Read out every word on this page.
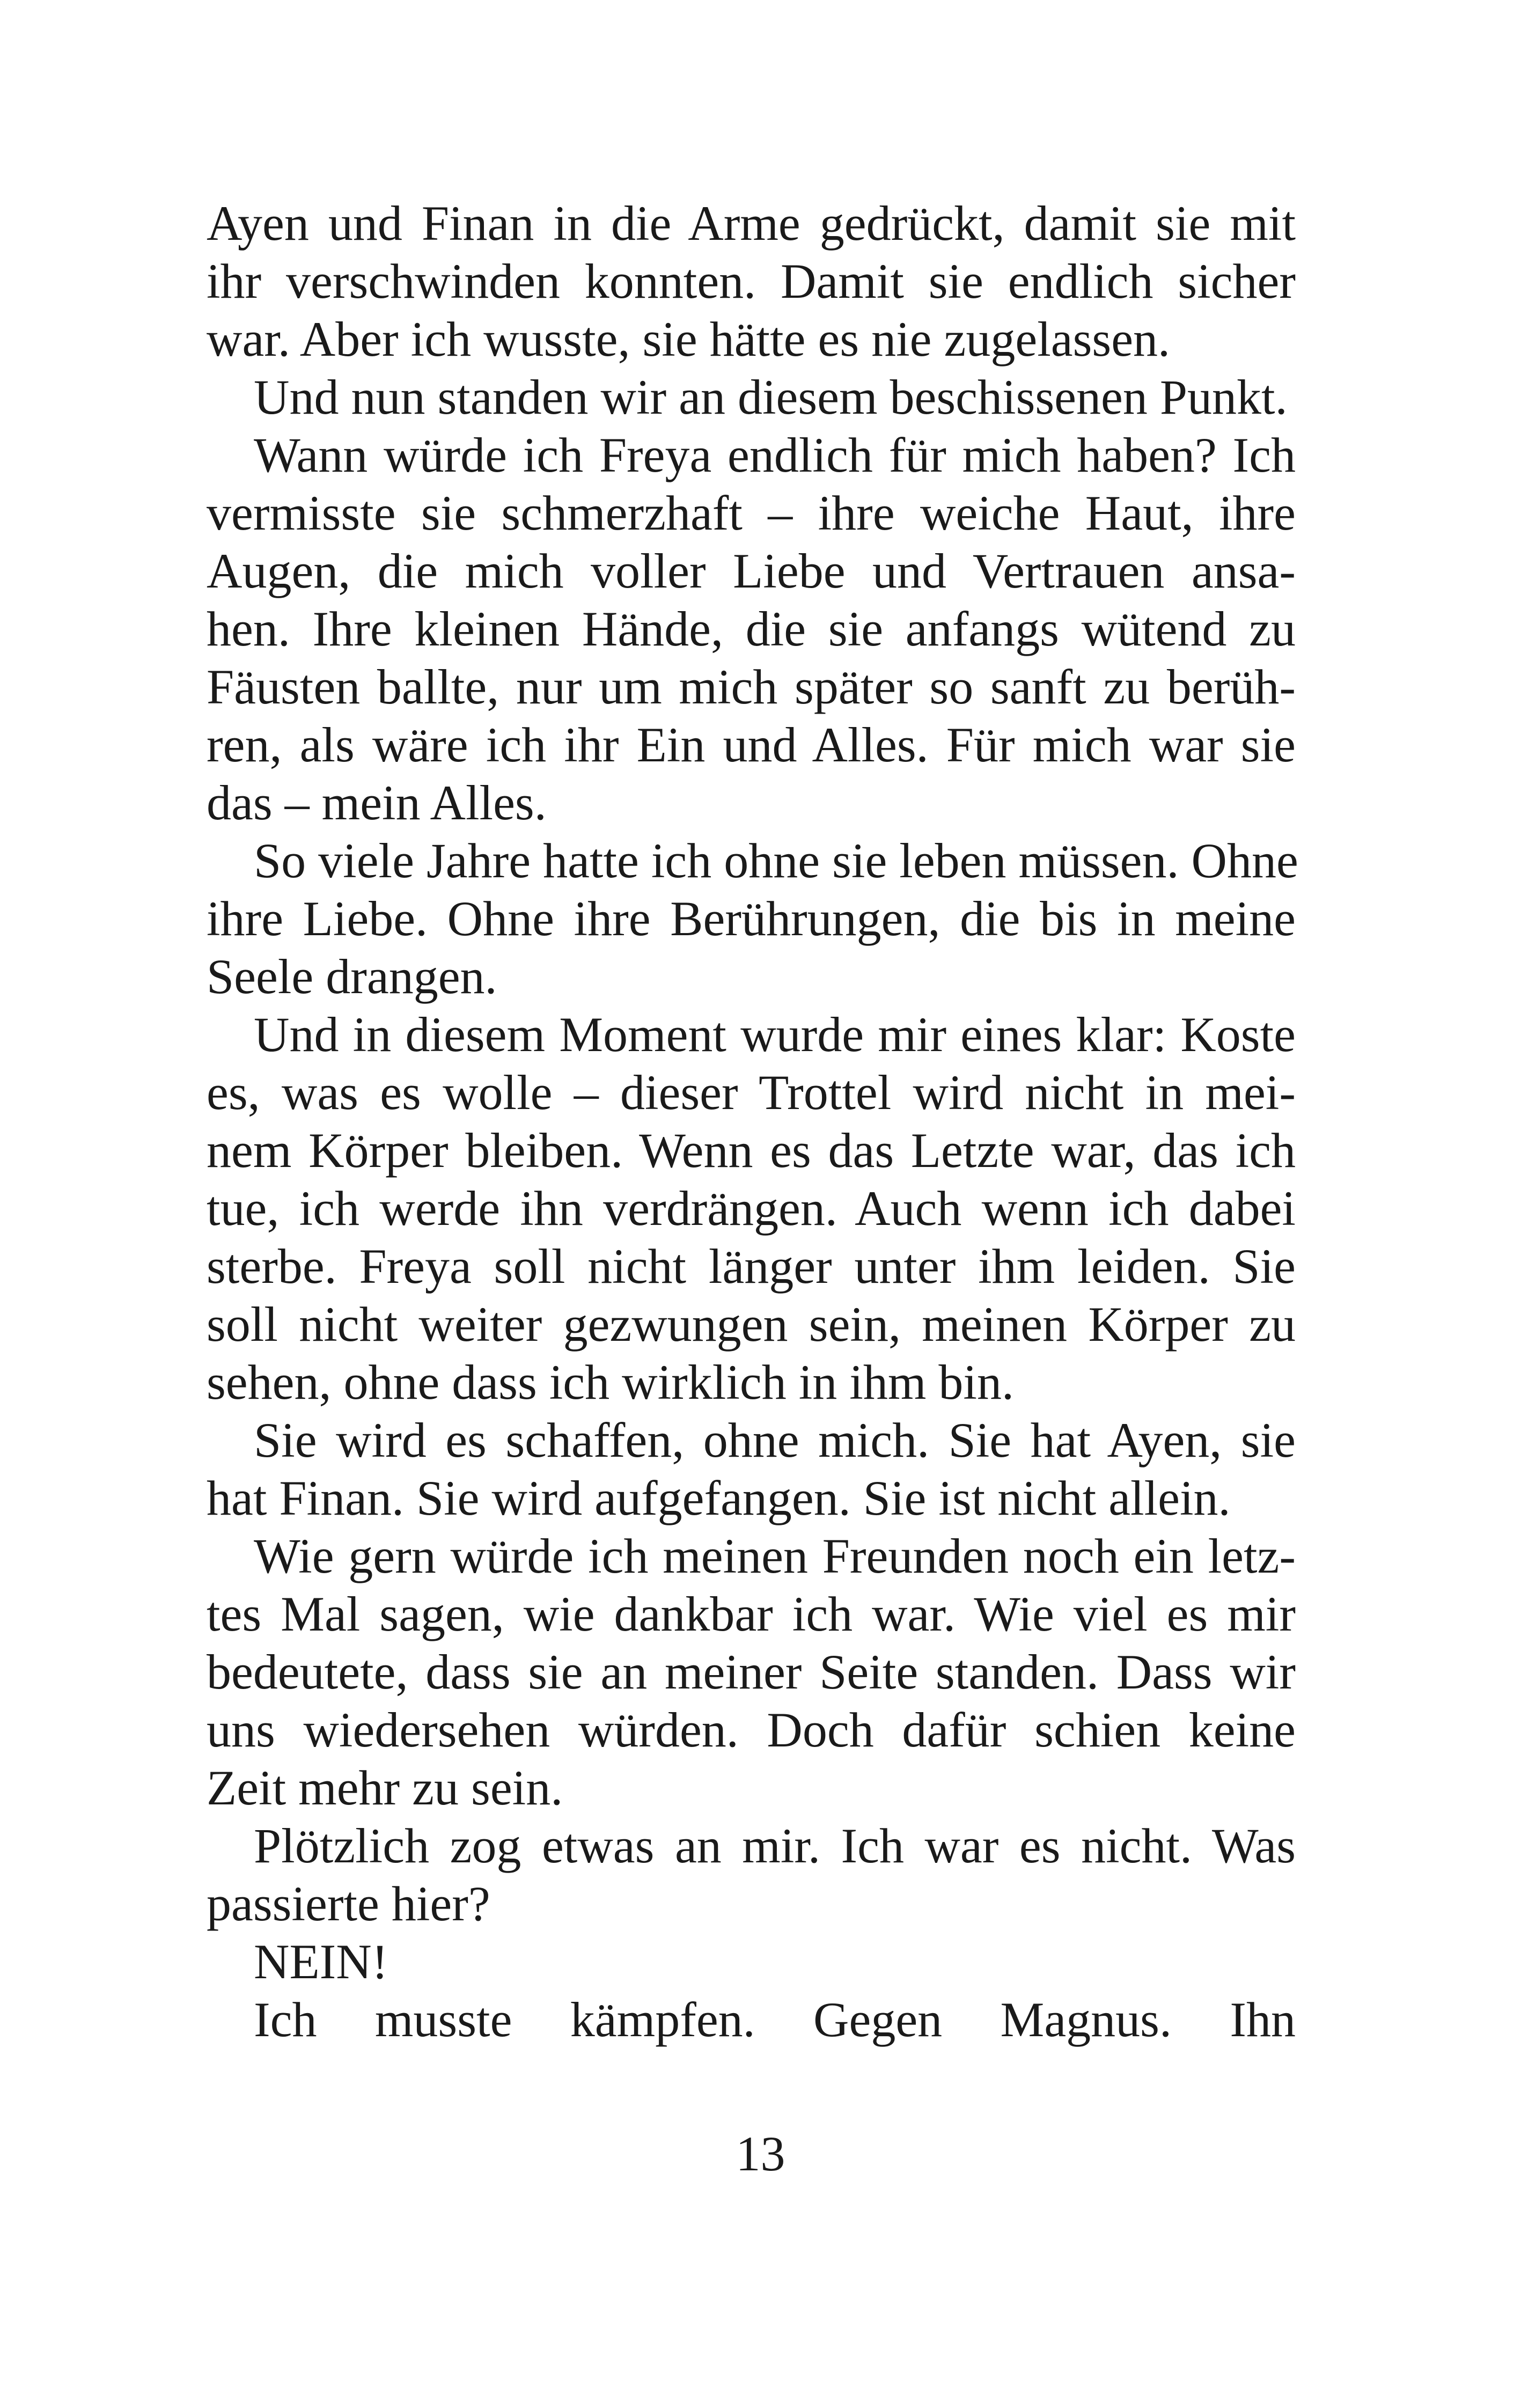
Ayen und Finan in die Arme gedrückt, damit sie mit
ihr verschwinden konnten. Damit sie endlich sicher
war. Aber ich wusste, sie hätte es nie zugelassen.
Und nun standen wir an diesem beschissenen Punkt.
Wann würde ich Freya endlich für mich haben? Ich
vermisste sie schmerzhaft – ihre weiche Haut, ihre
Augen, die mich voller Liebe und Vertrauen ansa-
hen. Ihre kleinen Hände, die sie anfangs wütend zu
Fäusten ballte, nur um mich später so sanft zu berüh-
ren, als wäre ich ihr Ein und Alles. Für mich war sie
das – mein Alles.
So viele Jahre hatte ich ohne sie leben müssen. Ohne
ihre Liebe. Ohne ihre Berührungen, die bis in meine
Seele drangen.
Und in diesem Moment wurde mir eines klar: Koste
es, was es wolle – dieser Trottel wird nicht in mei-
nem Körper bleiben. Wenn es das Letzte war, das ich
tue, ich werde ihn verdrängen. Auch wenn ich dabei
sterbe. Freya soll nicht länger unter ihm leiden. Sie
soll nicht weiter gezwungen sein, meinen Körper zu
sehen, ohne dass ich wirklich in ihm bin.
Sie wird es schaffen, ohne mich. Sie hat Ayen, sie
hat Finan. Sie wird aufgefangen. Sie ist nicht allein.
Wie gern würde ich meinen Freunden noch ein letz-
tes Mal sagen, wie dankbar ich war. Wie viel es mir
bedeutete, dass sie an meiner Seite standen. Dass wir
uns wiedersehen würden. Doch dafür schien keine
Zeit mehr zu sein.
Plötzlich zog etwas an mir. Ich war es nicht. Was
passierte hier?
NEIN!
Ich musste kämpfen. Gegen Magnus. Ihn
13
